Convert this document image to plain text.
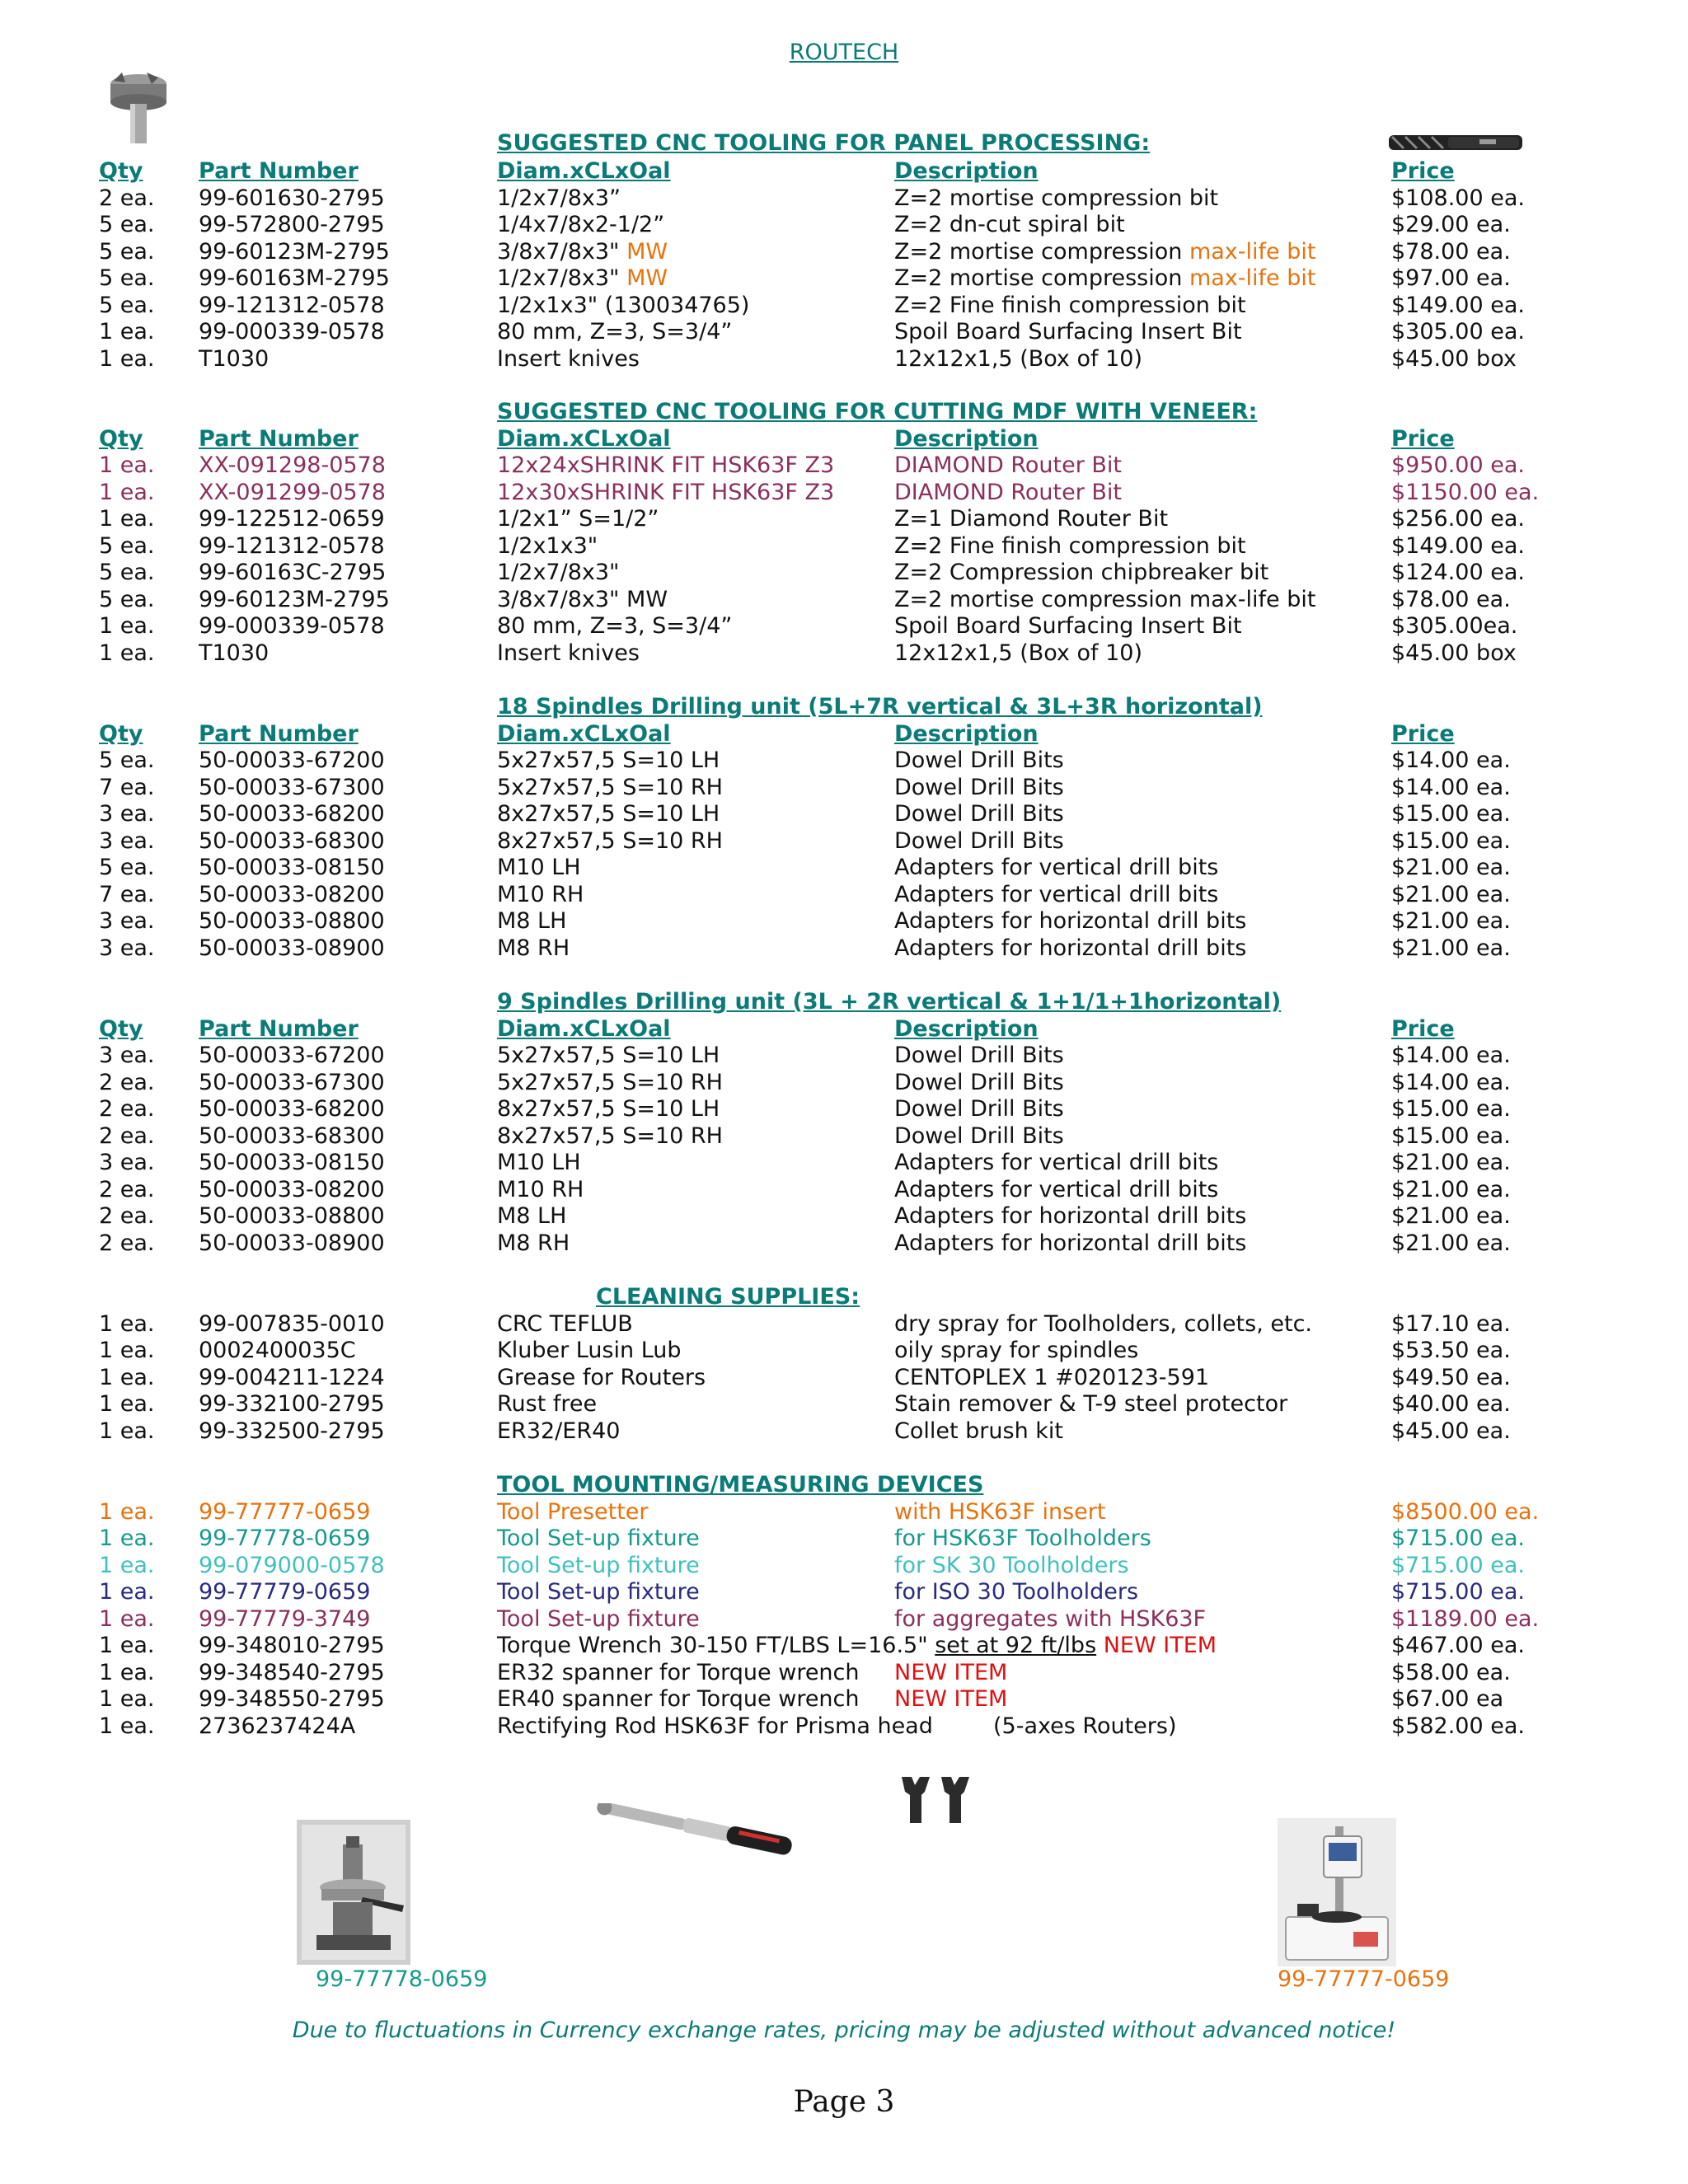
ROUTECH
SUGGESTED CNC TOOLING FOR PANEL PROCESSING:
Qty	Part Number	Diam.xCLxOal	Description	Price
2 ea. 99-601630-2795	1/2x7/8x3”	Z=2 mortise compression bit	$108.00 ea.
5 ea. 99-572800-2795	1/4x7/8x2-1/2”	Z=2 dn-cut spiral bit	$29.00 ea.
5 ea. 99-60123M-2795	3/8x7/8x3" MW	Z=2 mortise compression max-life bit	$78.00 ea.
5 ea. 99-60163M-2795	1/2x7/8x3" MW	Z=2 mortise compression max-life bit	$97.00 ea.
5 ea. 99-121312-0578	1/2x1x3" (130034765)	Z=2 Fine finish compression bit	$149.00 ea.
1 ea. 99-000339-0578	80 mm, Z=3, S=3/4”	Spoil Board Surfacing Insert Bit	$305.00 ea.
1 ea. T1030	Insert knives	12x12x1,5 (Box of 10)	$45.00 box
SUGGESTED CNC TOOLING FOR CUTTING MDF WITH VENEER:
Qty	Part Number	Diam.xCLxOal	Description	Price
1 ea. XX-091298-0578	12x24xSHRINK FIT HSK63F Z3	DIAMOND Router Bit	$950.00 ea.
1 ea. XX-091299-0578	12x30xSHRINK FIT HSK63F Z3	DIAMOND Router Bit	$1150.00 ea.
1 ea. 99-122512-0659	1/2x1” S=1/2”	Z=1 Diamond Router Bit	$256.00 ea.
5 ea. 99-121312-0578	1/2x1x3"	Z=2 Fine finish compression bit	$149.00 ea.
5 ea. 99-60163C-2795	1/2x7/8x3"	Z=2 Compression chipbreaker bit	$124.00 ea.
5 ea. 99-60123M-2795	3/8x7/8x3" MW	Z=2 mortise compression max-life bit	$78.00 ea.
1 ea. 99-000339-0578	80 mm, Z=3, S=3/4”	Spoil Board Surfacing Insert Bit	$305.00ea.
1 ea. T1030	Insert knives	12x12x1,5 (Box of 10)	$45.00 box
18 Spindles Drilling unit (5L+7R vertical & 3L+3R horizontal)
Qty	Part Number	Diam.xCLxOal	Description	Price
5 ea. 50-00033-67200	5x27x57,5 S=10 LH	Dowel Drill Bits	$14.00 ea.
7 ea. 50-00033-67300	5x27x57,5 S=10 RH	Dowel Drill Bits	$14.00 ea.
3 ea. 50-00033-68200	8x27x57,5 S=10 LH	Dowel Drill Bits	$15.00 ea.
3 ea. 50-00033-68300	8x27x57,5 S=10 RH	Dowel Drill Bits	$15.00 ea.
5 ea. 50-00033-08150	M10 LH	Adapters for vertical drill bits	$21.00 ea.
7 ea. 50-00033-08200	M10 RH	Adapters for vertical drill bits	$21.00 ea.
3 ea. 50-00033-08800	M8 LH	Adapters for horizontal drill bits	$21.00 ea.
3 ea. 50-00033-08900	M8 RH	Adapters for horizontal drill bits	$21.00 ea.
9 Spindles Drilling unit (3L + 2R vertical & 1+1/1+1horizontal)
Qty	Part Number	Diam.xCLxOal	Description	Price
3 ea. 50-00033-67200	5x27x57,5 S=10 LH	Dowel Drill Bits	$14.00 ea.
2 ea. 50-00033-67300	5x27x57,5 S=10 RH	Dowel Drill Bits	$14.00 ea.
2 ea. 50-00033-68200	8x27x57,5 S=10 LH	Dowel Drill Bits	$15.00 ea.
2 ea. 50-00033-68300	8x27x57,5 S=10 RH	Dowel Drill Bits	$15.00 ea.
3 ea. 50-00033-08150	M10 LH	Adapters for vertical drill bits	$21.00 ea.
2 ea. 50-00033-08200	M10 RH	Adapters for vertical drill bits	$21.00 ea.
2 ea. 50-00033-08800	M8 LH	Adapters for horizontal drill bits	$21.00 ea.
2 ea. 50-00033-08900	M8 RH	Adapters for horizontal drill bits	$21.00 ea.
CLEANING SUPPLIES:
1 ea. 99-007835-0010	CRC TEFLUB	dry spray for Toolholders, collets, etc.	$17.10 ea.
1 ea. 0002400035C	Kluber Lusin Lub	oily spray for spindles	$53.50 ea.
1 ea. 99-004211-1224	Grease for Routers	CENTOPLEX 1 #020123-591	$49.50 ea.
1 ea. 99-332100-2795	Rust free	Stain remover & T-9 steel protector	$40.00 ea.
1 ea. 99-332500-2795	ER32/ER40	Collet brush kit	$45.00 ea.
TOOL MOUNTING/MEASURING DEVICES
1 ea. 99-77777-0659	Tool Presetter	with HSK63F insert	$8500.00 ea.
1 ea. 99-77778-0659	Tool Set-up fixture	for HSK63F Toolholders	$715.00 ea.
1 ea. 99-079000-0578	Tool Set-up fixture	for SK 30 Toolholders	$715.00 ea.
1 ea. 99-77779-0659	Tool Set-up fixture	for ISO 30 Toolholders	$715.00 ea.
1 ea. 99-77779-3749	Tool Set-up fixture	for aggregates with HSK63F	$1189.00 ea.
1 ea. 99-348010-2795	Torque Wrench 30-150 FT/LBS L=16.5" set at 92 ft/lbs NEW ITEM	$467.00 ea.
1 ea. 99-348540-2795	ER32 spanner for Torque wrench NEW ITEM	$58.00 ea.
1 ea. 99-348550-2795	ER40 spanner for Torque wrench NEW ITEM	$67.00 ea
1 ea. 2736237424A	Rectifying Rod HSK63F for Prisma head	(5-axes Routers)	$582.00 ea.
99-77778-0659	99-77777-0659
Due to fluctuations in Currency exchange rates, pricing may be adjusted without advanced notice!
Page 3
